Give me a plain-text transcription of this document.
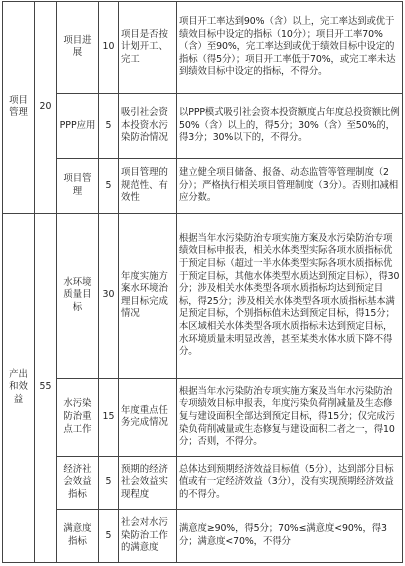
项目管理	20	项目进展	10	项目是否按计划开工、完工	项目开工率达到90%（含）以上，完工率达到或优于绩效目标中设定的指标（10分）；项目开工率70%（含）至90%，完工率达到或优于绩效目标中设定的指标（得5分）；项目开工率低于70%，或完工率未达到绩效目标中设定的指标，不得分。
		PPP应用	5	吸引社会资本投资水污染防治情况	以PPP模式吸引社会资本投资额度占年度总投资额比例50%（含）以上的，得5分；30%（含）至50%的，得3分；30%以下的，不得分。
		项目管理	5	项目管理的规范性、有效性	建立健全项目储备、报备、动态监管等管理制度（2分）；严格执行相关项目管理制度（3分）。否则扣减相应分数。
产出和效益	55	水环境质量目标	30	年度实施方案水环境治理目标完成情况	根据当年水污染防治专项实施方案及水污染防治专项绩效目标申报表，相关水体类型实际各项水质指标优于预定目标（超过一半水体类型实际各项水质指标优于预定目标，其他水体类型水质达到预定目标），得30分；涉及相关水体类型各项水质指标均达到预定目标，得25分；涉及相关水体类型各项水质指标基本满足预定目标，个别指标值未达到预定目标，得15分；本区域相关水体类型各项水质指标未达到预定目标，水环境质量未明显改善，甚至某类水体水质下降不得分。
		水污染防治重点工作	15	年度重点任务完成情况	根据当年水污染防治专项实施方案及当年水污染防治专项绩效目标申报表，年度污染负荷削减量及生态修复与建设面积全部达到预定目标，得15分；仅完成污染负荷削减量或生态修复与建设面积二者之一，得10分；否则，不得分。
		经济社会效益指标	5	预期的经济社会效益实现程度	总体达到预期经济效益目标值（5分），达到部分目标值或有一定经济效益（3分），没有实现预期经济效益的不得分。
		满意度指标	5	社会对水污染防治工作的满意度	满意度≥90%，得5分；70%≤满意度<90%，得3分；满意度<70%，不得分
